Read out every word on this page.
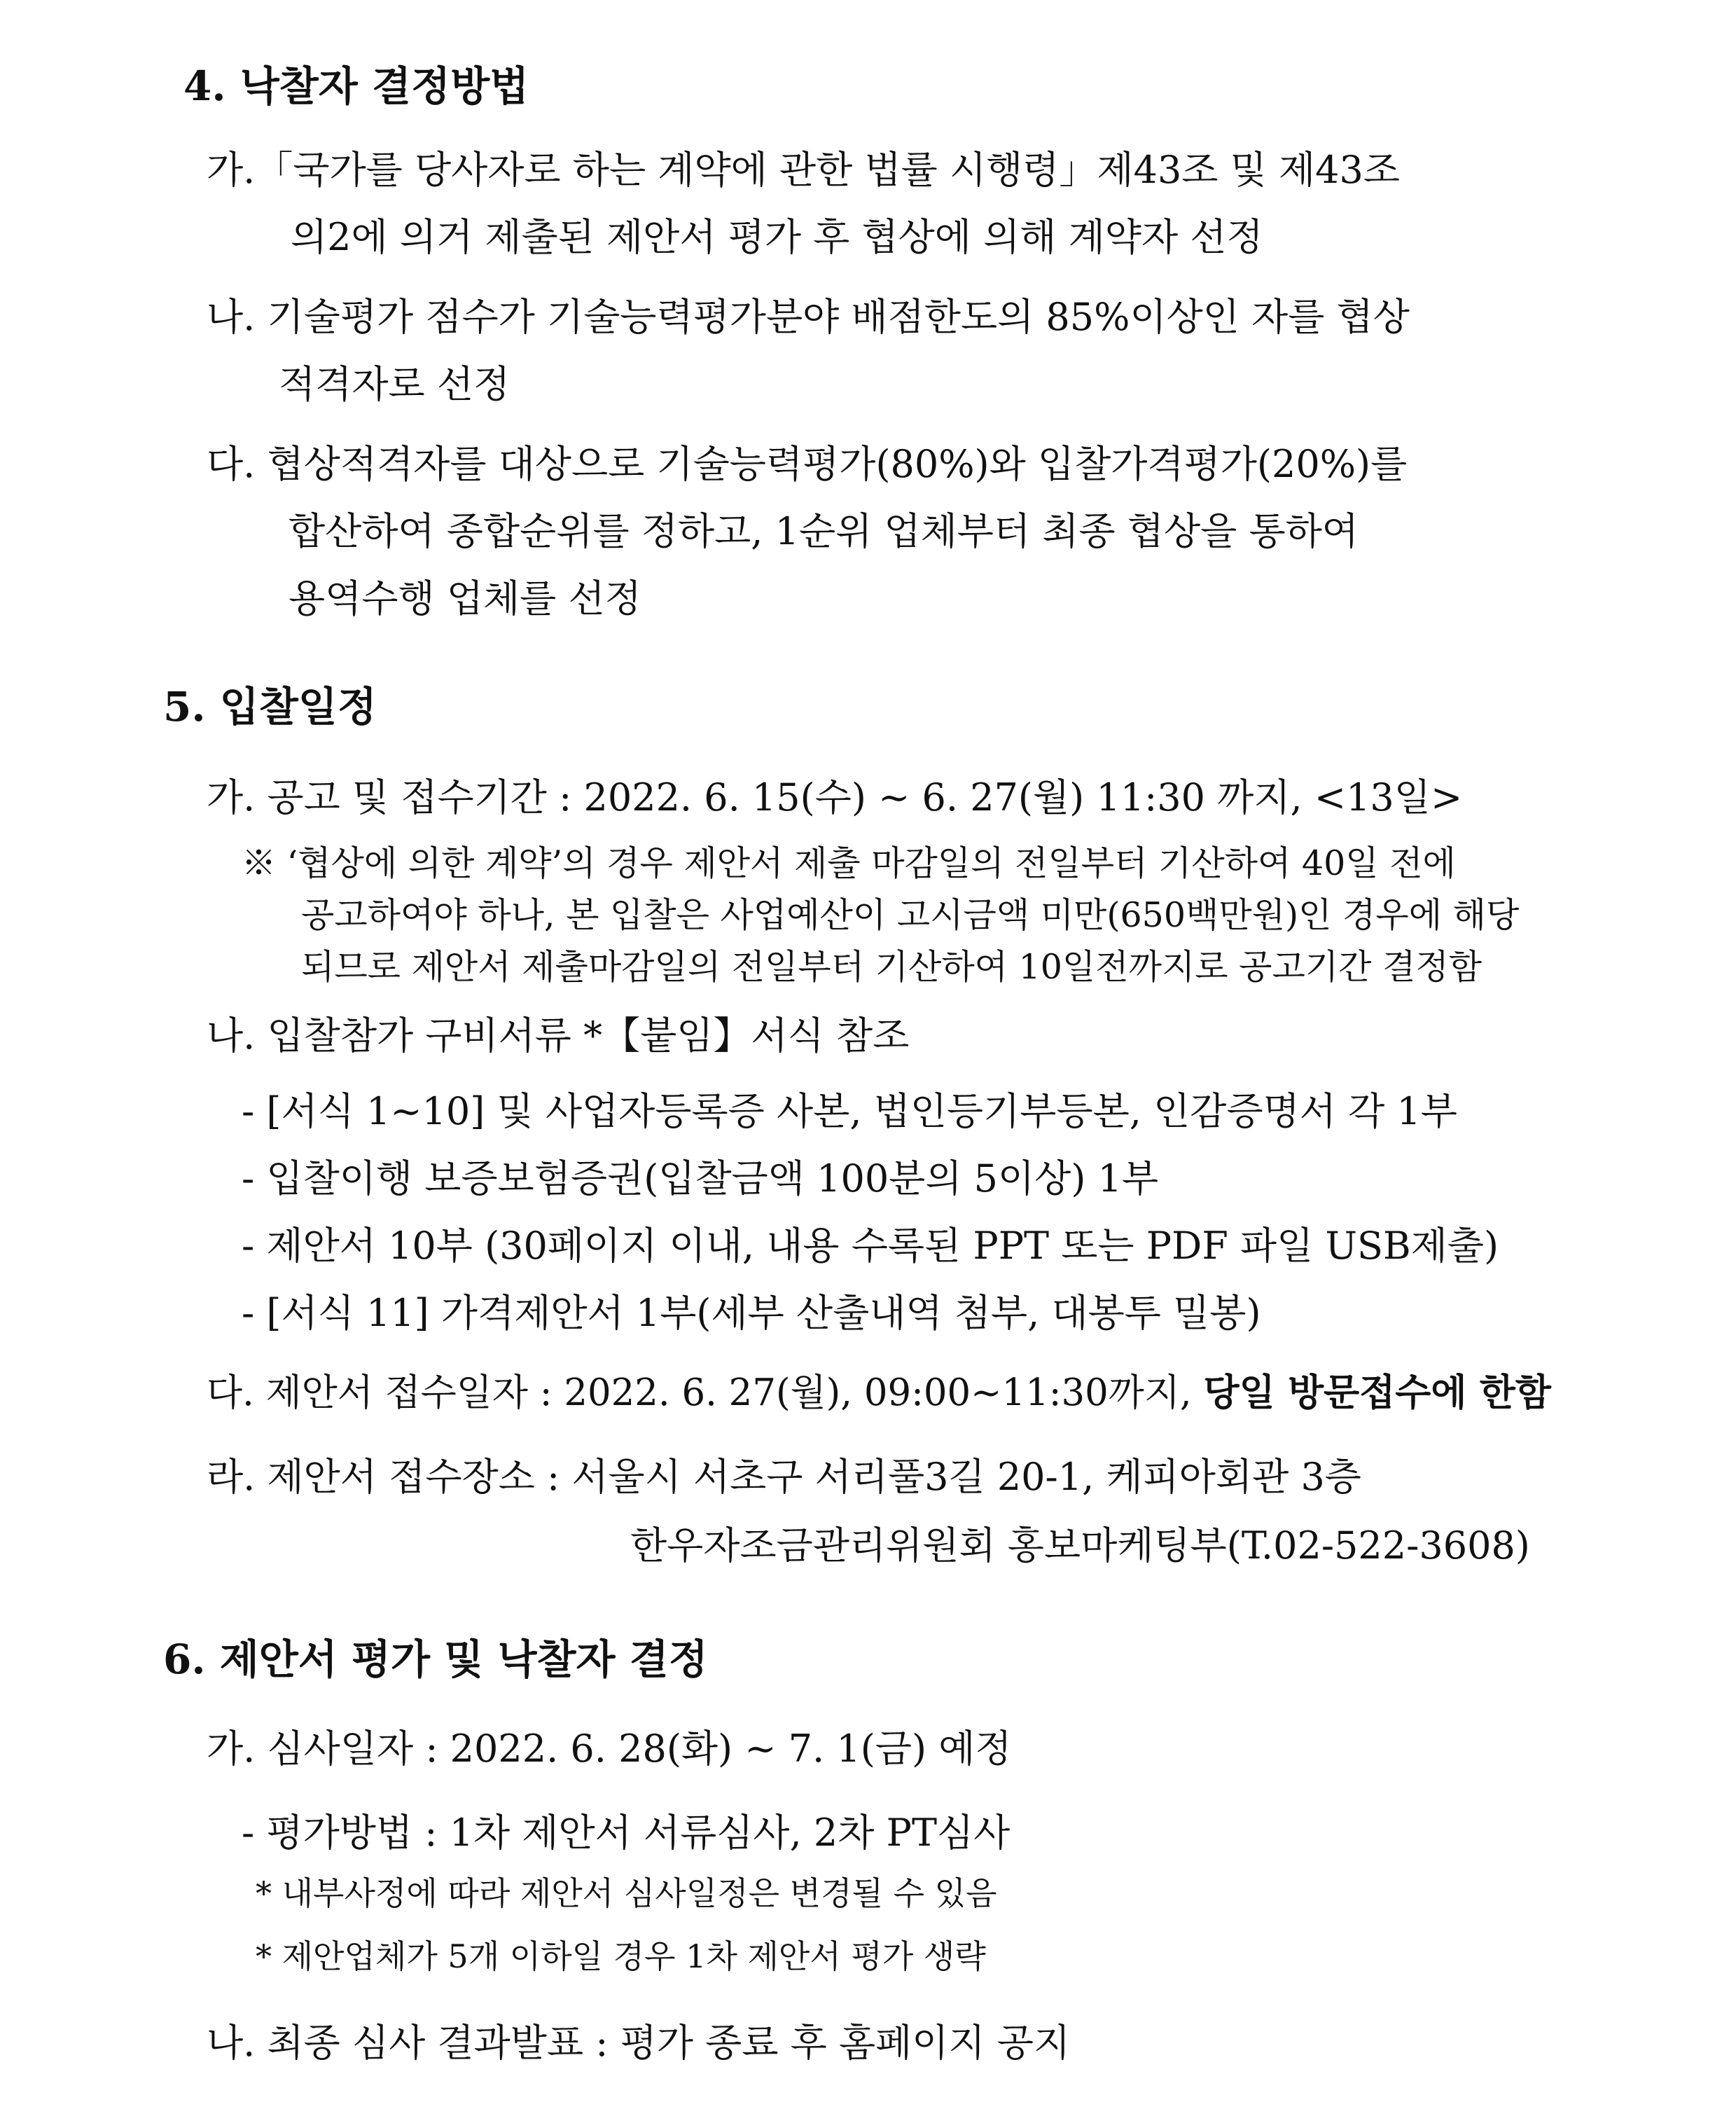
4. 낙찰자 결정방법
가.「국가를 당사자로 하는 계약에 관한 법률 시행령」제43조 및 제43조
의2에 의거 제출된 제안서 평가 후 협상에 의해 계약자 선정
나. 기술평가 점수가 기술능력평가분야 배점한도의 85%이상인 자를 협상
적격자로 선정
다. 협상적격자를 대상으로 기술능력평가(80%)와 입찰가격평가(20%)를
합산하여 종합순위를 정하고, 1순위 업체부터 최종 협상을 통하여
용역수행 업체를 선정
5. 입찰일정
가. 공고 및 접수기간 : 2022. 6. 15(수) ~ 6. 27(월) 11:30 까지, <13일>
※ ‘협상에 의한 계약’의 경우 제안서 제출 마감일의 전일부터 기산하여 40일 전에
공고하여야 하나, 본 입찰은 사업예산이 고시금액 미만(650백만원)인 경우에 해당
되므로 제안서 제출마감일의 전일부터 기산하여 10일전까지로 공고기간 결정함
나. 입찰참가 구비서류 *【붙임】서식 참조
- [서식 1~10] 및 사업자등록증 사본, 법인등기부등본, 인감증명서 각 1부
- 입찰이행 보증보험증권(입찰금액 100분의 5이상) 1부
- 제안서 10부 (30페이지 이내, 내용 수록된 PPT 또는 PDF 파일 USB제출)
- [서식 11] 가격제안서 1부(세부 산출내역 첨부, 대봉투 밀봉)
다. 제안서 접수일자 : 2022. 6. 27(월), 09:00~11:30까지, 당일 방문접수에 한함
라. 제안서 접수장소 : 서울시 서초구 서리풀3길 20-1, 케피아회관 3층
한우자조금관리위원회 홍보마케팅부(T.02-522-3608)
6. 제안서 평가 및 낙찰자 결정
가. 심사일자 : 2022. 6. 28(화) ~ 7. 1(금) 예정
- 평가방법 : 1차 제안서 서류심사, 2차 PT심사
* 내부사정에 따라 제안서 심사일정은 변경될 수 있음
* 제안업체가 5개 이하일 경우 1차 제안서 평가 생략
나. 최종 심사 결과발표 : 평가 종료 후 홈페이지 공지
